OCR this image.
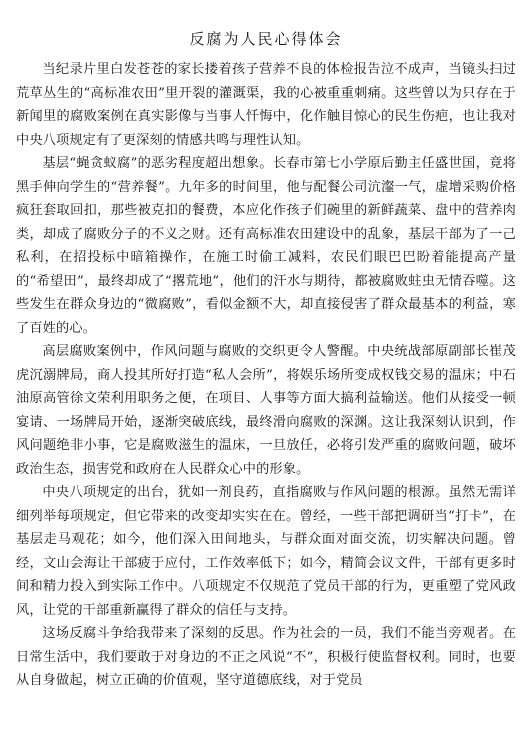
反腐为人民心得体会

当纪录片里白发苍苍的家长搂着孩子营养不良的体检报告泣不成声，当镜头扫过荒草丛生的“高标准农田”里开裂的灌溉渠，我的心被重重刺痛。这些曾以为只存在于新闻里的腐败案例在真实影像与当事人忏悔中，化作触目惊心的民生伤疤，也让我对中央八项规定有了更深刻的情感共鸣与理性认知。

基层“蝇贪蚁腐”的恶劣程度超出想象。长春市第七小学原后勤主任盛世国，竟将黑手伸向学生的“营养餐”。九年多的时间里，他与配餐公司沆瀣一气，虚增采购价格疯狂套取回扣，那些被克扣的餐费，本应化作孩子们碗里的新鲜蔬菜、盘中的营养肉类，却成了腐败分子的不义之财。还有高标准农田建设中的乱象，基层干部为了一己私利，在招投标中暗箱操作，在施工时偷工减料，农民们眼巴巴盼着能提高产量的“希望田”，最终却成了“撂荒地”，他们的汗水与期待，都被腐败蛀虫无情吞噬。这些发生在群众身边的“微腐败”，看似金额不大，却直接侵害了群众最基本的利益，寒了百姓的心。

高层腐败案例中，作风问题与腐败的交织更令人警醒。中央统战部原副部长崔茂虎沉溺牌局，商人投其所好打造“私人会所”，将娱乐场所变成权钱交易的温床；中石油原高管徐文荣利用职务之便，在项目、人事等方面大搞利益输送。他们从接受一顿宴请、一场牌局开始，逐渐突破底线，最终滑向腐败的深渊。这让我深刻认识到，作风问题绝非小事，它是腐败滋生的温床，一旦放任，必将引发严重的腐败问题，破坏政治生态，损害党和政府在人民群众心中的形象。

中央八项规定的出台，犹如一剂良药，直指腐败与作风问题的根源。虽然无需详细列举每项规定，但它带来的改变却实实在在。曾经，一些干部把调研当“打卡”，在基层走马观花；如今，他们深入田间地头，与群众面对面交流，切实解决问题。曾经，文山会海让干部疲于应付，工作效率低下；如今，精简会议文件，干部有更多时间和精力投入到实际工作中。八项规定不仅规范了党员干部的行为，更重塑了党风政风，让党的干部重新赢得了群众的信任与支持。

这场反腐斗争给我带来了深刻的反思。作为社会的一员，我们不能当旁观者。在日常生活中，我们要敢于对身边的不正之风说“不”，积极行使监督权利。同时，也要从自身做起，树立正确的价值观，坚守道德底线，对于党员
